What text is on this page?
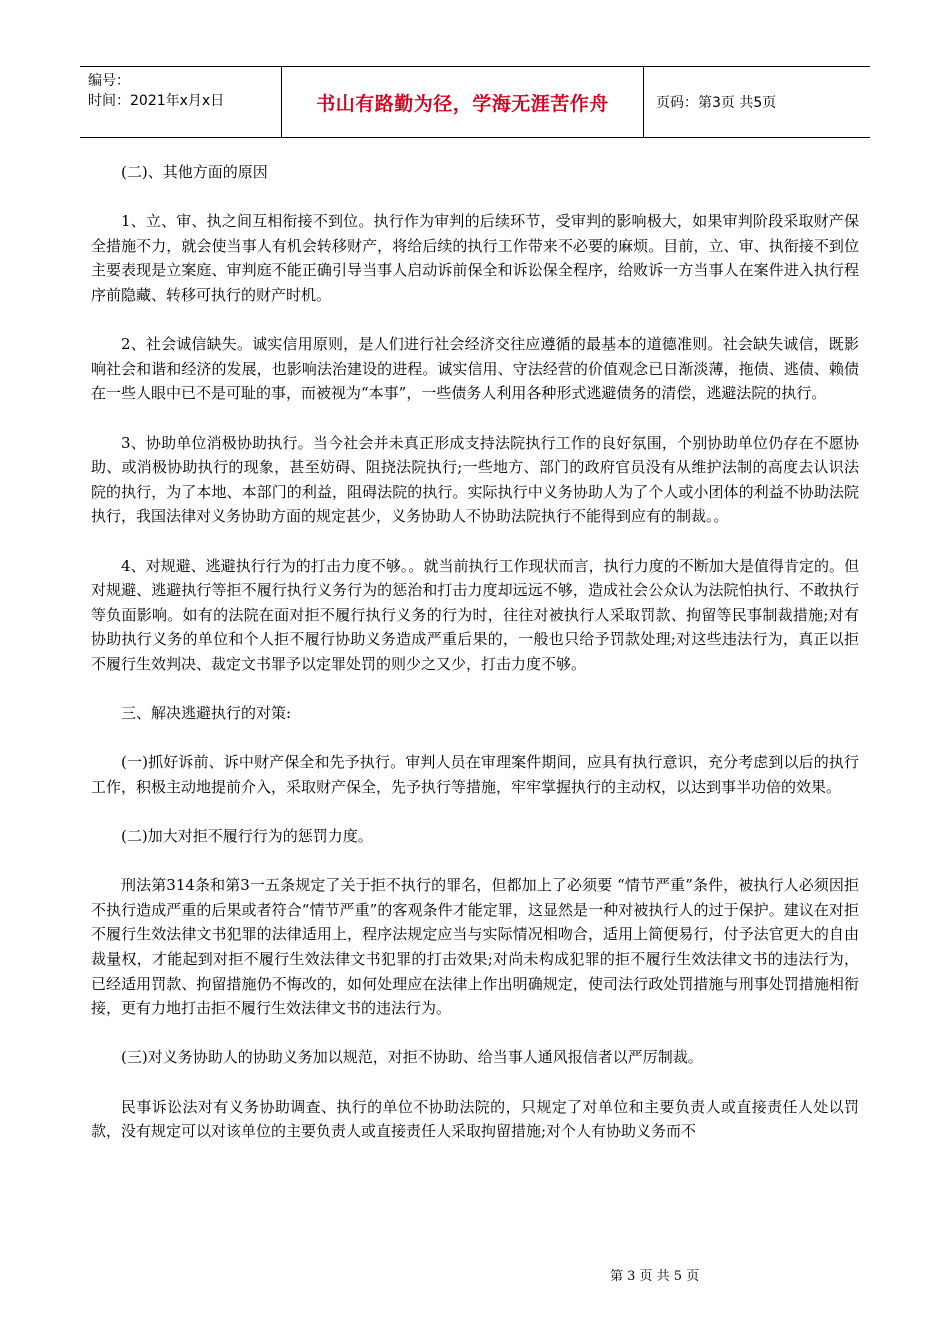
编号：
时间：2021年x月x日	书山有路勤为径，学海无涯苦作舟	页码：第3页 共5页

(二)、其他方面的原因

1、立、审、执之间互相衔接不到位。执行作为审判的后续环节，受审判的影响极大，如果审判阶段采取财产保全措施不力，就会使当事人有机会转移财产，将给后续的执行工作带来不必要的麻烦。目前，立、审、执衔接不到位主要表现是立案庭、审判庭不能正确引导当事人启动诉前保全和诉讼保全程序，给败诉一方当事人在案件进入执行程序前隐藏、转移可执行的财产时机。

2、社会诚信缺失。诚实信用原则，是人们进行社会经济交往应遵循的最基本的道德准则。社会缺失诚信，既影响社会和谐和经济的发展，也影响法治建设的进程。诚实信用、守法经营的价值观念已日渐淡薄，拖债、逃债、赖债在一些人眼中已不是可耻的事，而被视为“本事”，一些债务人利用各种形式逃避债务的清偿，逃避法院的执行。

3、协助单位消极协助执行。当今社会并未真正形成支持法院执行工作的良好氛围，个别协助单位仍存在不愿协助、或消极协助执行的现象，甚至妨碍、阻挠法院执行;一些地方、部门的政府官员没有从维护法制的高度去认识法院的执行，为了本地、本部门的利益，阻碍法院的执行。实际执行中义务协助人为了个人或小团体的利益不协助法院执行，我国法律对义务协助方面的规定甚少，义务协助人不协助法院执行不能得到应有的制裁。。

4、对规避、逃避执行行为的打击力度不够。。就当前执行工作现状而言，执行力度的不断加大是值得肯定的。但对规避、逃避执行等拒不履行执行义务行为的惩治和打击力度却远远不够，造成社会公众认为法院怕执行、不敢执行等负面影响。如有的法院在面对拒不履行执行义务的行为时，往往对被执行人采取罚款、拘留等民事制裁措施;对有协助执行义务的单位和个人拒不履行协助义务造成严重后果的，一般也只给予罚款处理;对这些违法行为，真正以拒不履行生效判决、裁定文书罪予以定罪处罚的则少之又少，打击力度不够。

三、解决逃避执行的对策:

(一)抓好诉前、诉中财产保全和先予执行。审判人员在审理案件期间，应具有执行意识，充分考虑到以后的执行工作，积极主动地提前介入，采取财产保全，先予执行等措施，牢牢掌握执行的主动权，以达到事半功倍的效果。

(二)加大对拒不履行行为的惩罚力度。

刑法第314条和第3一五条规定了关于拒不执行的罪名，但都加上了必须要 “情节严重”条件，被执行人必须因拒不执行造成严重的后果或者符合“情节严重”的客观条件才能定罪，这显然是一种对被执行人的过于保护。建议在对拒不履行生效法律文书犯罪的法律适用上，程序法规定应当与实际情况相吻合，适用上简便易行，付予法官更大的自由裁量权，才能起到对拒不履行生效法律文书犯罪的打击效果;对尚未构成犯罪的拒不履行生效法律文书的违法行为，已经适用罚款、拘留措施仍不悔改的，如何处理应在法律上作出明确规定，使司法行政处罚措施与刑事处罚措施相衔接，更有力地打击拒不履行生效法律文书的违法行为。

(三)对义务协助人的协助义务加以规范，对拒不协助、给当事人通风报信者以严厉制裁。

民事诉讼法对有义务协助调查、执行的单位不协助法院的，只规定了对单位和主要负责人或直接责任人处以罚款，没有规定可以对该单位的主要负责人或直接责任人采取拘留措施;对个人有协助义务而不

第 3 页 共 5 页
